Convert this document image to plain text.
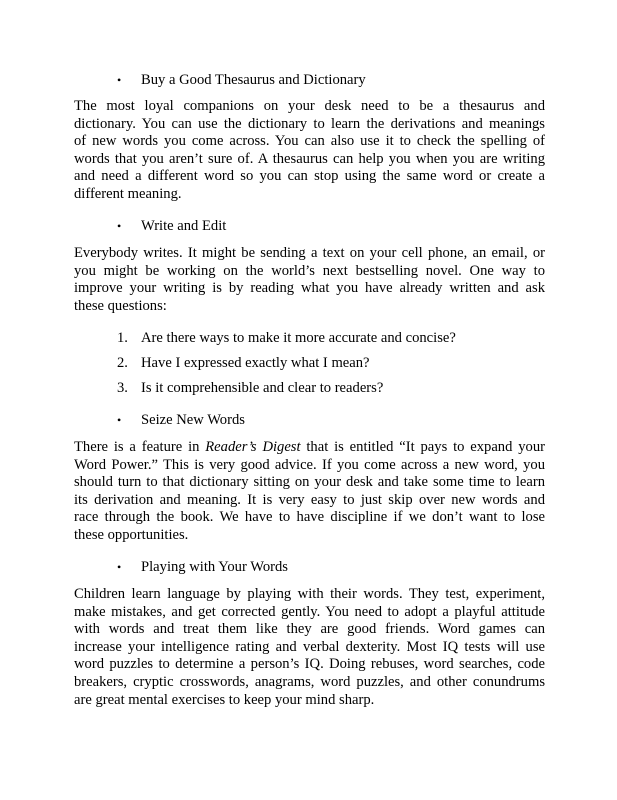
• Buy a Good Thesaurus and Dictionary
The most loyal companions on your desk need to be a thesaurus and
dictionary. You can use the dictionary to learn the derivations and meanings
of new words you come across. You can also use it to check the spelling of
words that you aren’t sure of. A thesaurus can help you when you are writing
and need a different word so you can stop using the same word or create a
different meaning.
• Write and Edit
Everybody writes. It might be sending a text on your cell phone, an email, or
you might be working on the world’s next bestselling novel. One way to
improve your writing is by reading what you have already written and ask
these questions:
1. Are there ways to make it more accurate and concise?
2. Have I expressed exactly what I mean?
3. Is it comprehensible and clear to readers?
• Seize New Words
There is a feature in Reader’s Digest that is entitled “It pays to expand your
Word Power.” This is very good advice. If you come across a new word, you
should turn to that dictionary sitting on your desk and take some time to learn
its derivation and meaning. It is very easy to just skip over new words and
race through the book. We have to have discipline if we don’t want to lose
these opportunities.
• Playing with Your Words
Children learn language by playing with their words. They test, experiment,
make mistakes, and get corrected gently. You need to adopt a playful attitude
with words and treat them like they are good friends. Word games can
increase your intelligence rating and verbal dexterity. Most IQ tests will use
word puzzles to determine a person’s IQ. Doing rebuses, word searches, code
breakers, cryptic crosswords, anagrams, word puzzles, and other conundrums
are great mental exercises to keep your mind sharp.
